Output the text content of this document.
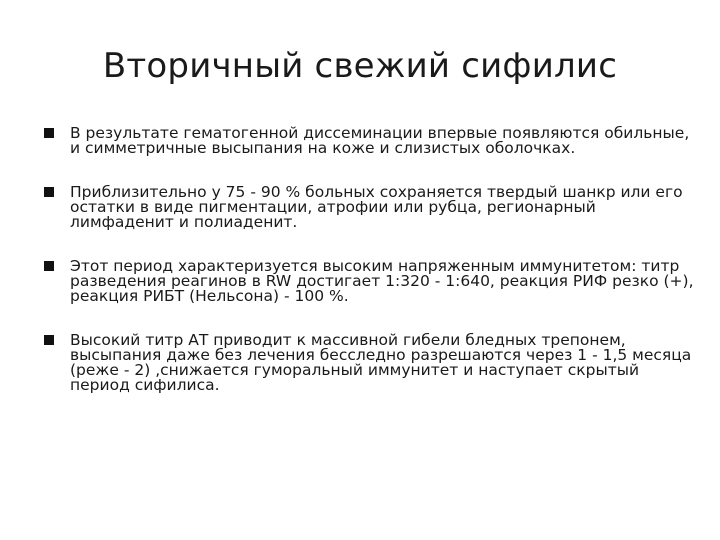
Вторичный свежий сифилис
В результате гематогенной диссеминации впервые появляются обильные, и симметричные высыпания на коже и слизистых оболочках.
Приблизительно у 75 - 90 % больных сохраняется твердый шанкр или его остатки в виде пигментации, атрофии или рубца, регионарный лимфаденит и полиаденит.
Этот период характеризуется высоким напряженным иммунитетом: титр разведения реагинов в RW достигает 1:320 - 1:640, реакция РИФ резко (+), реакция РИБТ (Нельсона) - 100 %.
Высокий титр АТ приводит к массивной гибели бледных трепонем, высыпания даже без лечения бесследно разрешаются через 1 - 1,5 месяца (реже - 2) ,снижается гуморальный иммунитет и наступает скрытый период сифилиса.
